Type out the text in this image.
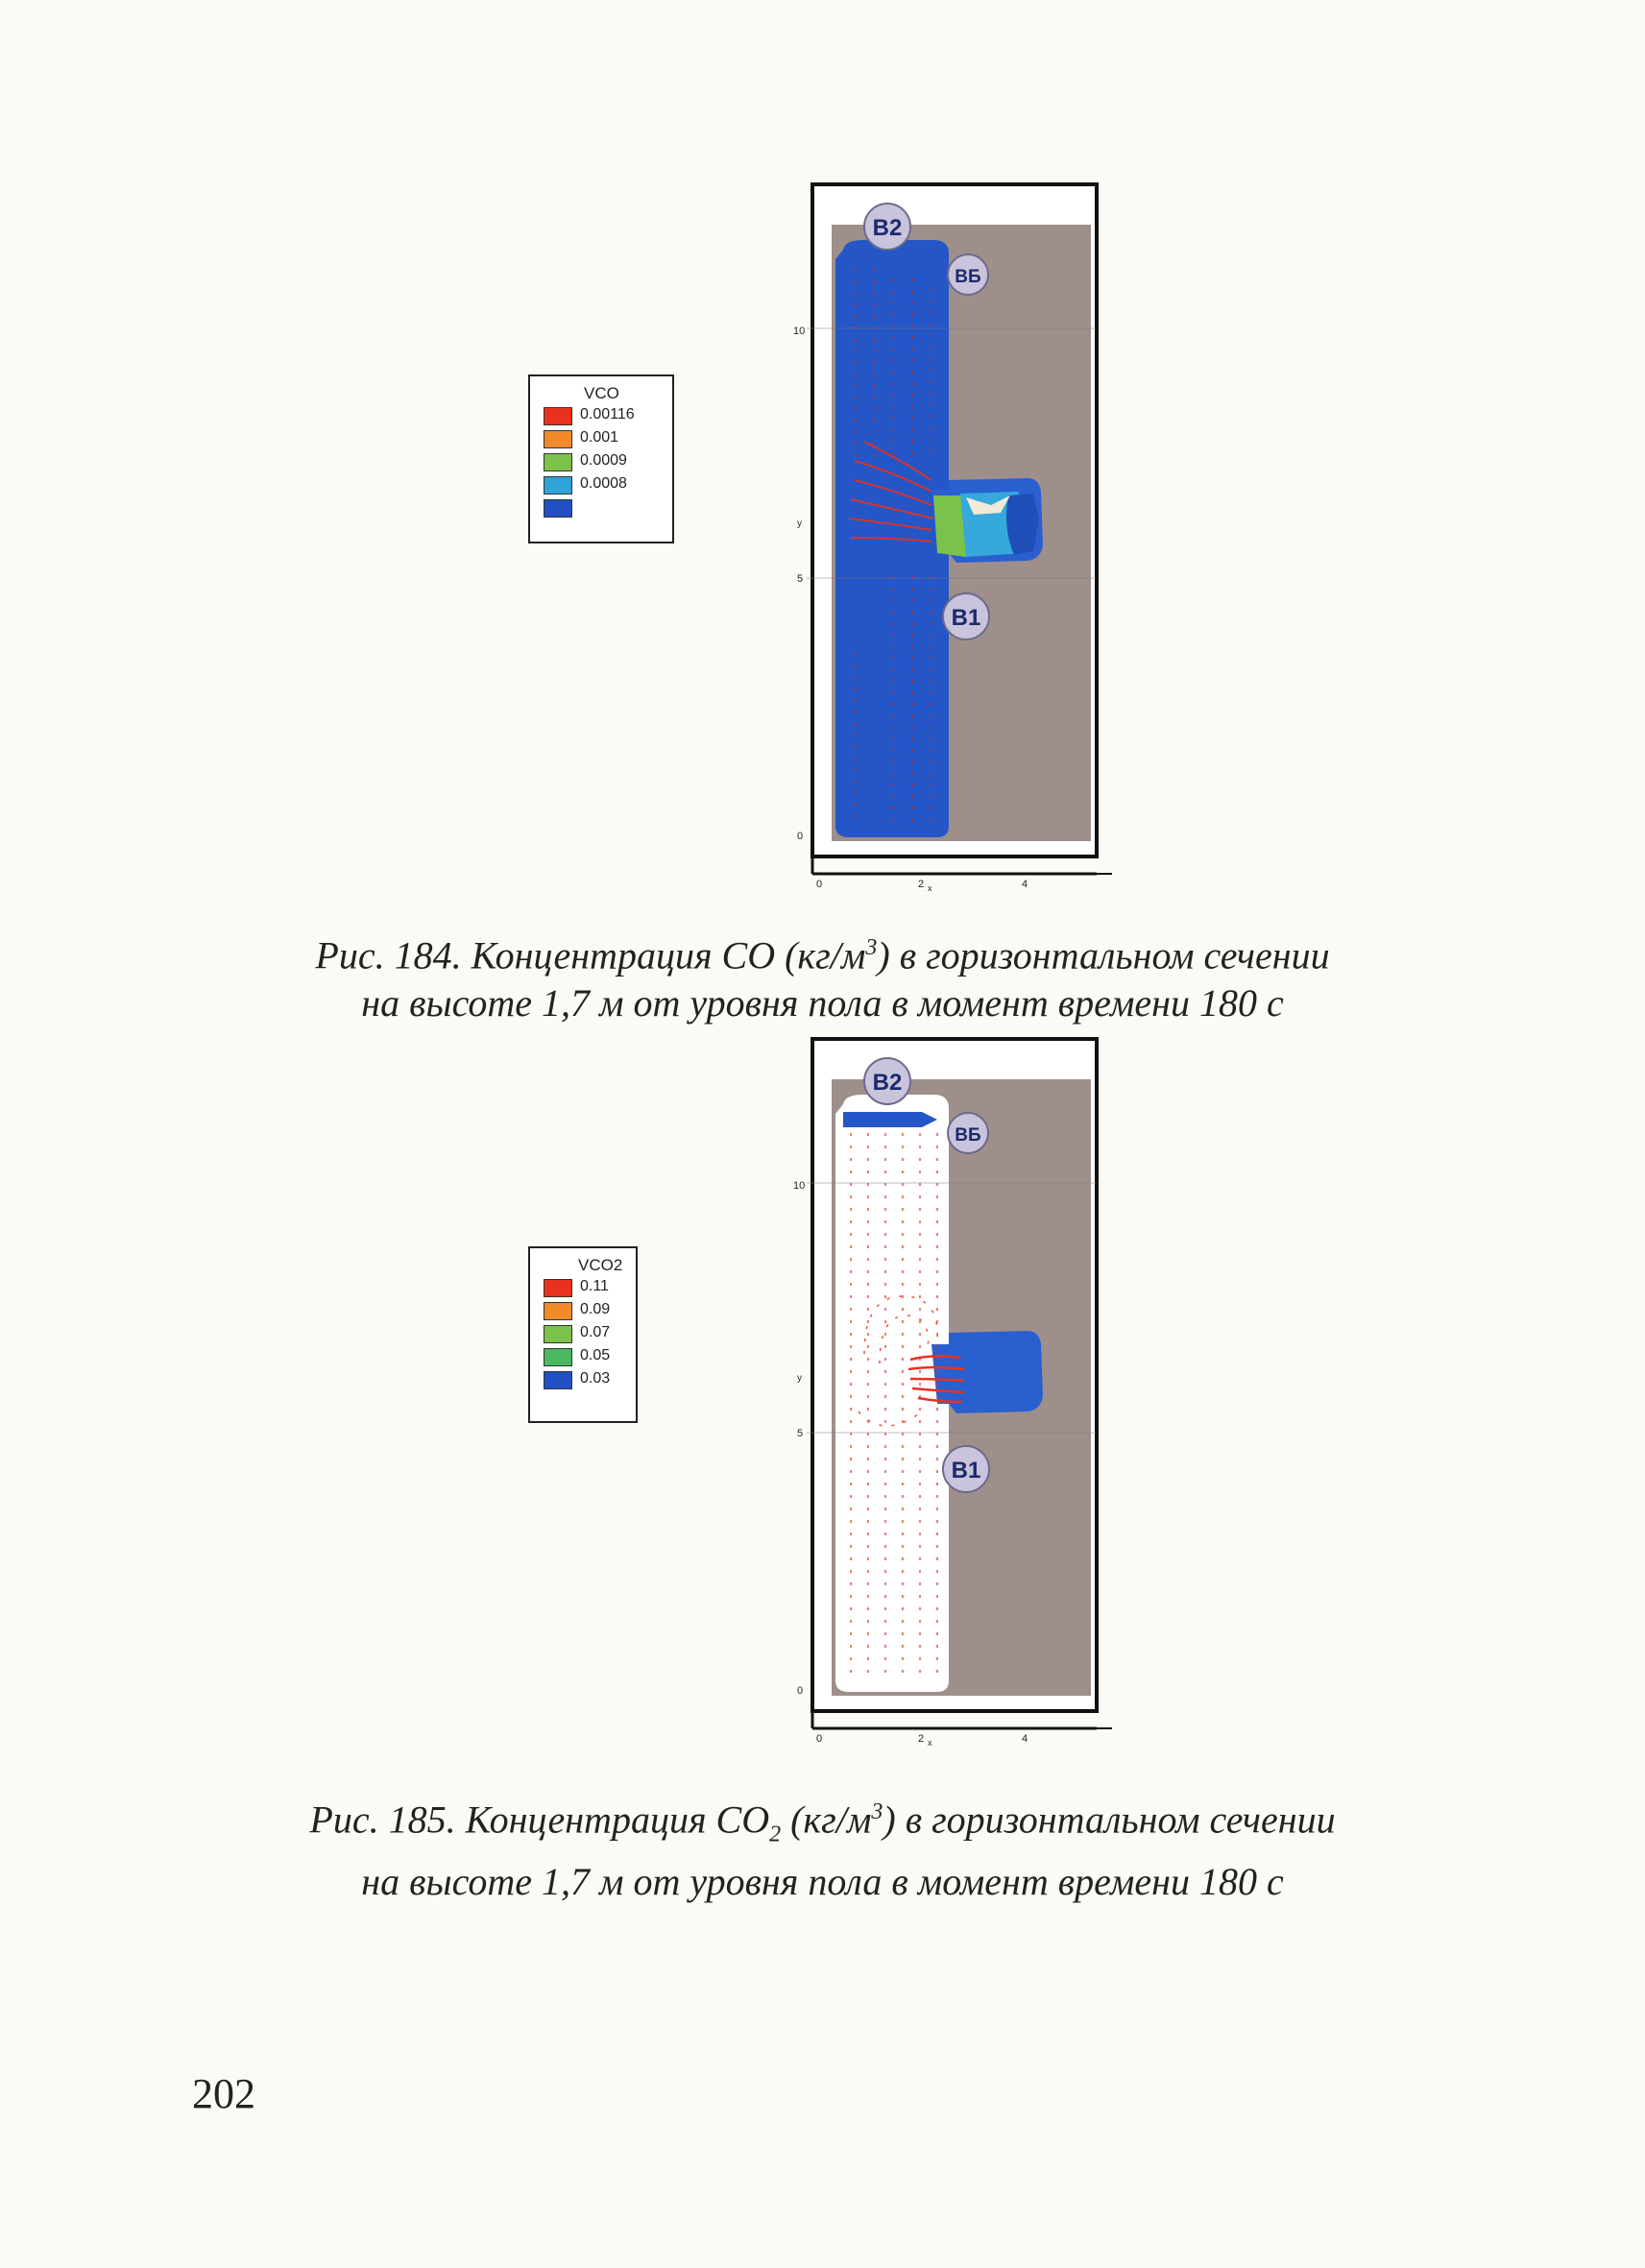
VCO
0.00116
0.001
0.0009
0.0008
10
5
0
у
0	2	4
х
В2
ВБ
В1
Рис. 184. Концентрация CO $(кг/м^3)$ в горизонтальном сечении
на высоте 1,7 м от уровня пола в момент времени 180 с
VCO2
0.11
0.09
0.07
0.05
0.03
10
5
0
у
0	2	4
х
В2
ВБ
В1
Рис. 185. Концентрация $CO_2$ $(кг/м^3)$ в горизонтальном сечении
на высоте 1,7 м от уровня пола в момент времени 180 с
202
